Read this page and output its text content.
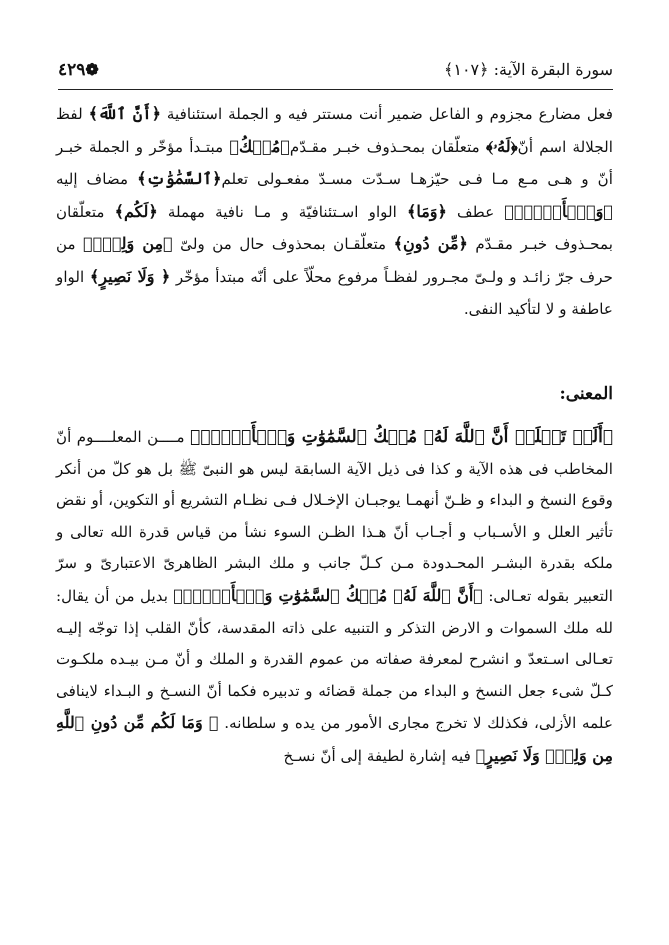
سورة البقرة الآية: ﴿١٠٧﴾
٤٢٩❁
فعل مضارع مجزوم و الفاعل ضمير أنت مستتر فيه و الجملة استئنافية ﴿أَنَّ ٱللَّهَ﴾ لفظ الجلالة اسم أنّ﴿لَهُۥ﴾ متعلّقان بمحـذوف خبـر مقـدّم﴿مُلۡكُ﴾ مبتـدأ مؤخّر و الجملة خبـر أنّ و هـى مـع مـا فـى حيّزهـا سـدّت مسـدّ مفعـولى تعلم﴿ٱلسَّمَٰوَٰتِ﴾ مضاف إليه ﴿وَٱلۡأَرۡضِۗ﴾ عطف ﴿وَمَا﴾ الواو اسـتئنافيّة و مـا نافية مهملة ﴿لَكُم﴾ متعلّقان بمحـذوف خبـر مقـدّم ﴿مِّن دُونِ﴾ متعلّقـان بمحذوف حال من ولىّ ﴿مِن وَلِيّٖ﴾ من حرف جرّ زائـد و ولـىّ مجـرور لفظـاً مرفوع محلّاً على أنّه مبتدأ مؤخّر ﴿ وَلَا نَصِيرٍ﴾ الواو عاطفة و لا لتأكيد النفى.
المعنى:
﴿أَلَمۡ تَعۡلَمۡ أَنَّ ٱللَّهَ لَهُۥ مُلۡكُ ٱلسَّمَٰوَٰتِ وَٱلۡأَرۡضِۗ﴾ مــــن المعلــــوم أنّ المخاطب فى هذه الآية و كذا فى ذيل الآية السابقة ليس هو النبىّ ﷺ بل هو كلّ من أنكر وقوع النسخ و البداء و ظـنّ أنهمـا يوجبـان الإخـلال فـى نظـام التشريع أو التكوين، أو نقض تأثير العلل و الأسـباب و أجـاب أنّ هـذا الظـن السوء نشأ من قياس قدرة الله تعالى و ملكه بقدرة البشـر المحـدودة مـن كـلّ جانب و ملك البشر الظاهرىّ الاعتبارىّ و سرّ التعبير بقوله تعـالى: ﴿أَنَّ ٱللَّهَ لَهُۥ مُلۡكُ ٱلسَّمَٰوَٰتِ وَٱلۡأَرۡضِۗ﴾ بديل من أن يقال: لله ملك السموات و الارض التذكر و التنبيه على ذاته المقدسة، كأنّ القلب إذا توجّه إليـه تعـالى اسـتعدّ و انشرح لمعرفة صفاته من عموم القدرة و الملك و أنّ مـن بيـده ملكـوت كـلّ شىء جعل النسخ و البداء من جملة قضائه و تدبيره فكما أنّ النسـخ و البـداء لاينافى علمه الأزلى، فكذلك لا تخرج مجارى الأمور من يده و سلطانه. ﴿ وَمَا لَكُم مِّن دُونِ ٱللَّهِ مِن وَلِيّٖ وَلَا نَصِيرٍ﴾ فيه إشارة لطيفة إلى أنّ نسـخ
